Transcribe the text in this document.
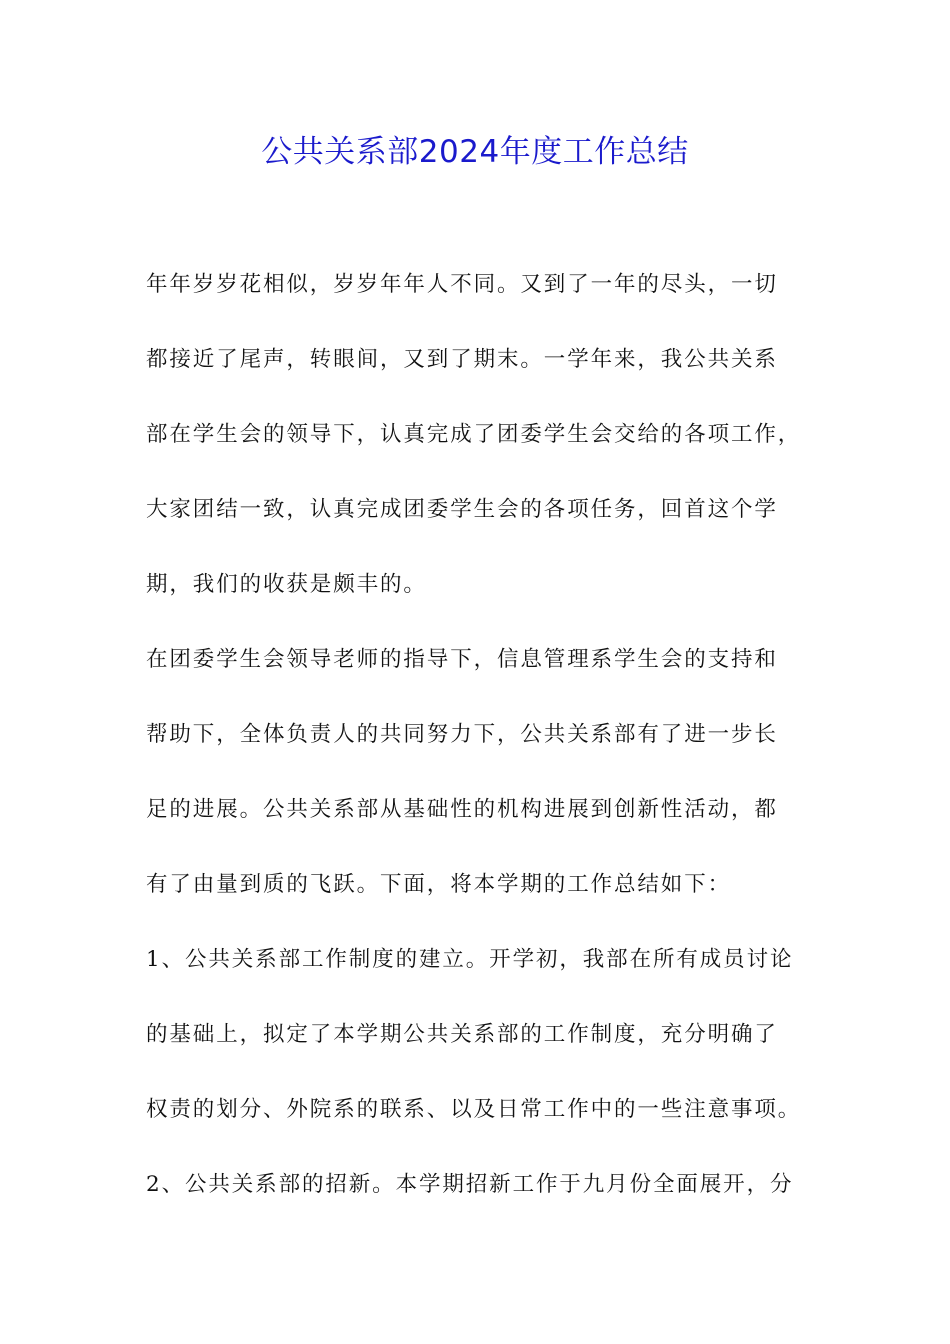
公共关系部2024年度工作总结
年年岁岁花相似，岁岁年年人不同。又到了一年的尽头，一切
都接近了尾声，转眼间，又到了期末。一学年来，我公共关系
部在学生会的领导下，认真完成了团委学生会交给的各项工作，
大家团结一致，认真完成团委学生会的各项任务，回首这个学
期，我们的收获是颇丰的。
在团委学生会领导老师的指导下，信息管理系学生会的支持和
帮助下，全体负责人的共同努力下，公共关系部有了进一步长
足的进展。公共关系部从基础性的机构进展到创新性活动，都
有了由量到质的飞跃。下面，将本学期的工作总结如下：
1、公共关系部工作制度的建立。开学初，我部在所有成员讨论
的基础上，拟定了本学期公共关系部的工作制度，充分明确了
权责的划分、外院系的联系、以及日常工作中的一些注意事项。
2、公共关系部的招新。本学期招新工作于九月份全面展开，分
